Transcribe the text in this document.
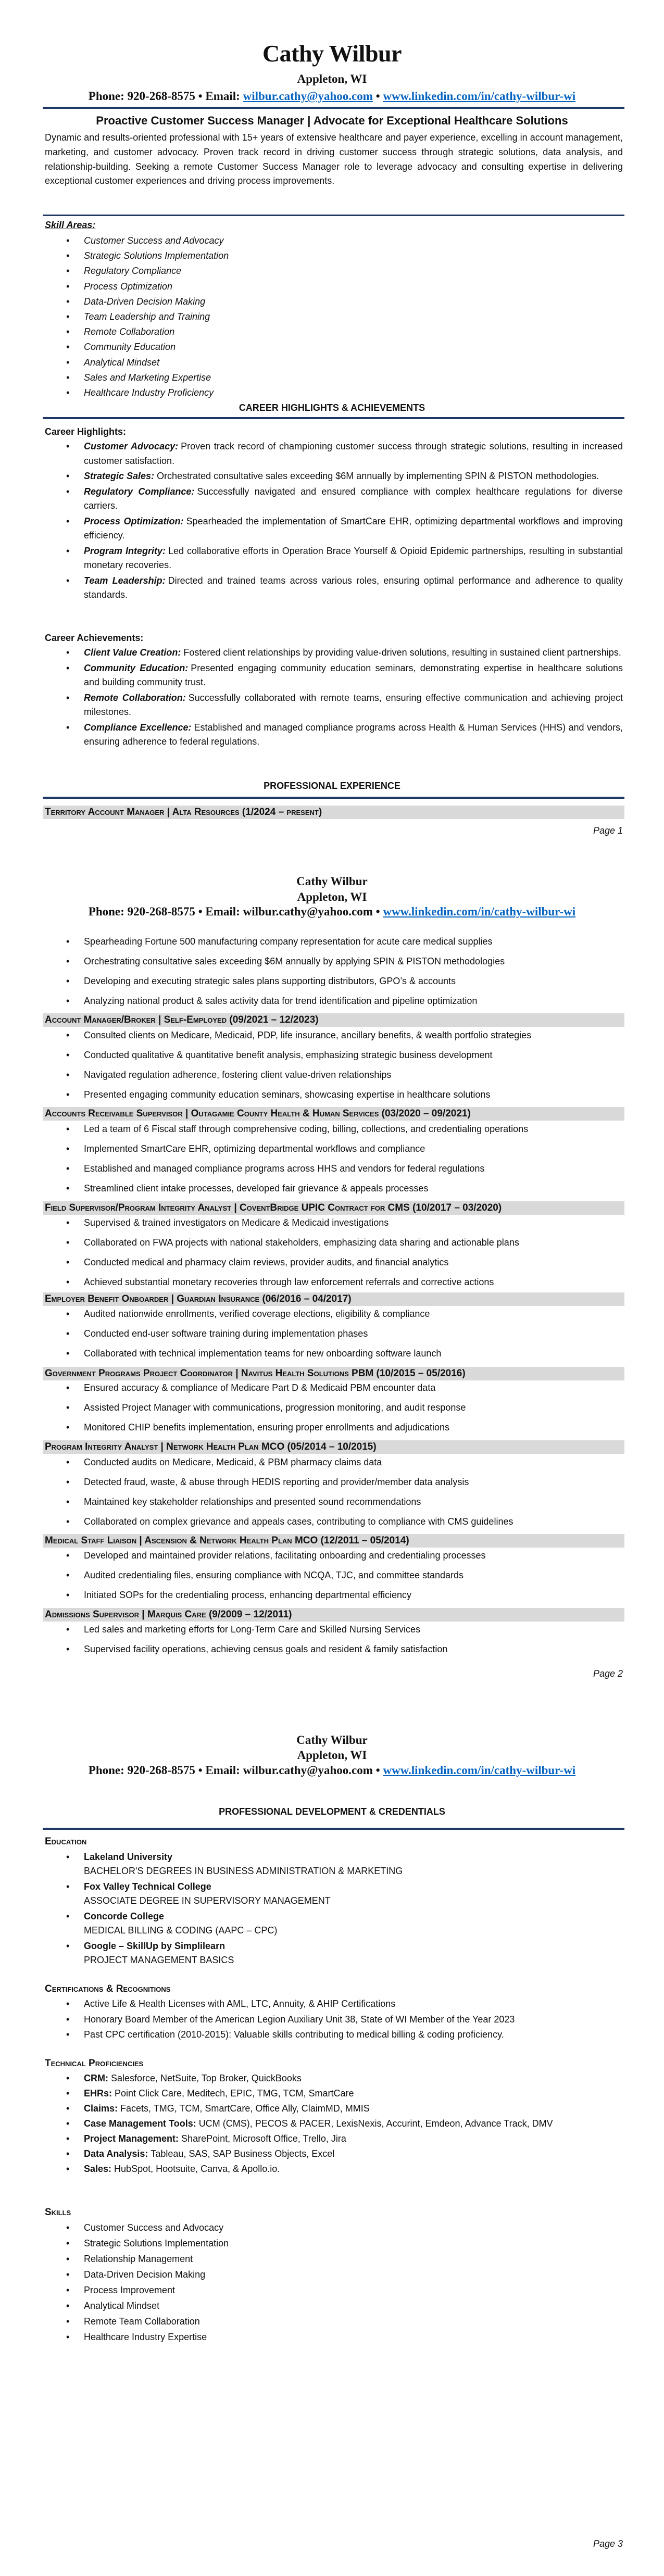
Cathy Wilbur
Appleton, WI
Phone: 920-268-8575 • Email: wilbur.cathy@yahoo.com • www.linkedin.com/in/cathy-wilbur-wi
Proactive Customer Success Manager | Advocate for Exceptional Healthcare Solutions
Dynamic and results-oriented professional with 15+ years of extensive healthcare and payer experience, excelling in account management, marketing, and customer advocacy. Proven track record in driving customer success through strategic solutions, data analysis, and relationship-building. Seeking a remote Customer Success Manager role to leverage advocacy and consulting expertise in delivering exceptional customer experiences and driving process improvements.
Skill Areas:
• Customer Success and Advocacy
• Strategic Solutions Implementation
• Regulatory Compliance
• Process Optimization
• Data-Driven Decision Making
• Team Leadership and Training
• Remote Collaboration
• Community Education
• Analytical Mindset
• Sales and Marketing Expertise
• Healthcare Industry Proficiency
CAREER HIGHLIGHTS & ACHIEVEMENTS
Career Highlights:
• Customer Advocacy: Proven track record of championing customer success through strategic solutions, resulting in increased customer satisfaction.
• Strategic Sales: Orchestrated consultative sales exceeding $6M annually by implementing SPIN & PISTON methodologies.
• Regulatory Compliance: Successfully navigated and ensured compliance with complex healthcare regulations for diverse carriers.
• Process Optimization: Spearheaded the implementation of SmartCare EHR, optimizing departmental workflows and improving efficiency.
• Program Integrity: Led collaborative efforts in Operation Brace Yourself & Opioid Epidemic partnerships, resulting in substantial monetary recoveries.
• Team Leadership: Directed and trained teams across various roles, ensuring optimal performance and adherence to quality standards.
Career Achievements:
• Client Value Creation: Fostered client relationships by providing value-driven solutions, resulting in sustained client partnerships.
• Community Education: Presented engaging community education seminars, demonstrating expertise in healthcare solutions and building community trust.
• Remote Collaboration: Successfully collaborated with remote teams, ensuring effective communication and achieving project milestones.
• Compliance Excellence: Established and managed compliance programs across Health & Human Services (HHS) and vendors, ensuring adherence to federal regulations.
PROFESSIONAL EXPERIENCE
Territory Account Manager | Alta Resources (1/2024 – present)
Page 1
Cathy Wilbur
Appleton, WI
Phone: 920-268-8575 • Email: wilbur.cathy@yahoo.com • www.linkedin.com/in/cathy-wilbur-wi
• Spearheading Fortune 500 manufacturing company representation for acute care medical supplies
• Orchestrating consultative sales exceeding $6M annually by applying SPIN & PISTON methodologies
• Developing and executing strategic sales plans supporting distributors, GPO’s & accounts
• Analyzing national product & sales activity data for trend identification and pipeline optimization
Account Manager/Broker | Self-Employed (09/2021 – 12/2023)
• Consulted clients on Medicare, Medicaid, PDP, life insurance, ancillary benefits, & wealth portfolio strategies
• Conducted qualitative & quantitative benefit analysis, emphasizing strategic business development
• Navigated regulation adherence, fostering client value-driven relationships
• Presented engaging community education seminars, showcasing expertise in healthcare solutions
Accounts Receivable Supervisor | Outagamie County Health & Human Services (03/2020 – 09/2021)
• Led a team of 6 Fiscal staff through comprehensive coding, billing, collections, and credentialing operations
• Implemented SmartCare EHR, optimizing departmental workflows and compliance
• Established and managed compliance programs across HHS and vendors for federal regulations
• Streamlined client intake processes, developed fair grievance & appeals processes
Field Supervisor/Program Integrity Analyst | CoventBridge UPIC Contract for CMS (10/2017 – 03/2020)
• Supervised & trained investigators on Medicare & Medicaid investigations
• Collaborated on FWA projects with national stakeholders, emphasizing data sharing and actionable plans
• Conducted medical and pharmacy claim reviews, provider audits, and financial analytics
• Achieved substantial monetary recoveries through law enforcement referrals and corrective actions
Employer Benefit Onboarder | Guardian Insurance (06/2016 – 04/2017)
• Audited nationwide enrollments, verified coverage elections, eligibility & compliance
• Conducted end-user software training during implementation phases
• Collaborated with technical implementation teams for new onboarding software launch
Government Programs Project Coordinator | Navitus Health Solutions PBM (10/2015 – 05/2016)
• Ensured accuracy & compliance of Medicare Part D & Medicaid PBM encounter data
• Assisted Project Manager with communications, progression monitoring, and audit response
• Monitored CHIP benefits implementation, ensuring proper enrollments and adjudications
Program Integrity Analyst | Network Health Plan MCO (05/2014 – 10/2015)
• Conducted audits on Medicare, Medicaid, & PBM pharmacy claims data
• Detected fraud, waste, & abuse through HEDIS reporting and provider/member data analysis
• Maintained key stakeholder relationships and presented sound recommendations
• Collaborated on complex grievance and appeals cases, contributing to compliance with CMS guidelines
Medical Staff Liaison | Ascension & Network Health Plan MCO (12/2011 – 05/2014)
• Developed and maintained provider relations, facilitating onboarding and credentialing processes
• Audited credentialing files, ensuring compliance with NCQA, TJC, and committee standards
• Initiated SOPs for the credentialing process, enhancing departmental efficiency
Admissions Supervisor | Marquis Care (9/2009 – 12/2011)
• Led sales and marketing efforts for Long-Term Care and Skilled Nursing Services
• Supervised facility operations, achieving census goals and resident & family satisfaction
Page 2
Cathy Wilbur
Appleton, WI
Phone: 920-268-8575 • Email: wilbur.cathy@yahoo.com • www.linkedin.com/in/cathy-wilbur-wi
PROFESSIONAL DEVELOPMENT & CREDENTIALS
Education
• Lakeland University
BACHELOR'S DEGREES IN BUSINESS ADMINISTRATION & MARKETING
• Fox Valley Technical College
ASSOCIATE DEGREE IN SUPERVISORY MANAGEMENT
• Concorde College
MEDICAL BILLING & CODING (AAPC – CPC)
• Google – SkillUp by Simplilearn
PROJECT MANAGEMENT BASICS
Certifications & Recognitions
• Active Life & Health Licenses with AML, LTC, Annuity, & AHIP Certifications
• Honorary Board Member of the American Legion Auxiliary Unit 38, State of WI Member of the Year 2023
• Past CPC certification (2010-2015): Valuable skills contributing to medical billing & coding proficiency.
Technical Proficiencies
• CRM: Salesforce, NetSuite, Top Broker, QuickBooks
• EHRs: Point Click Care, Meditech, EPIC, TMG, TCM, SmartCare
• Claims: Facets, TMG, TCM, SmartCare, Office Ally, ClaimMD, MMIS
• Case Management Tools: UCM (CMS), PECOS & PACER, LexisNexis, Accurint, Emdeon, Advance Track, DMV
• Project Management: SharePoint, Microsoft Office, Trello, Jira
• Data Analysis: Tableau, SAS, SAP Business Objects, Excel
• Sales: HubSpot, Hootsuite, Canva, & Apollo.io.
Skills
• Customer Success and Advocacy
• Strategic Solutions Implementation
• Relationship Management
• Data-Driven Decision Making
• Process Improvement
• Analytical Mindset
• Remote Team Collaboration
• Healthcare Industry Expertise
Page 3
